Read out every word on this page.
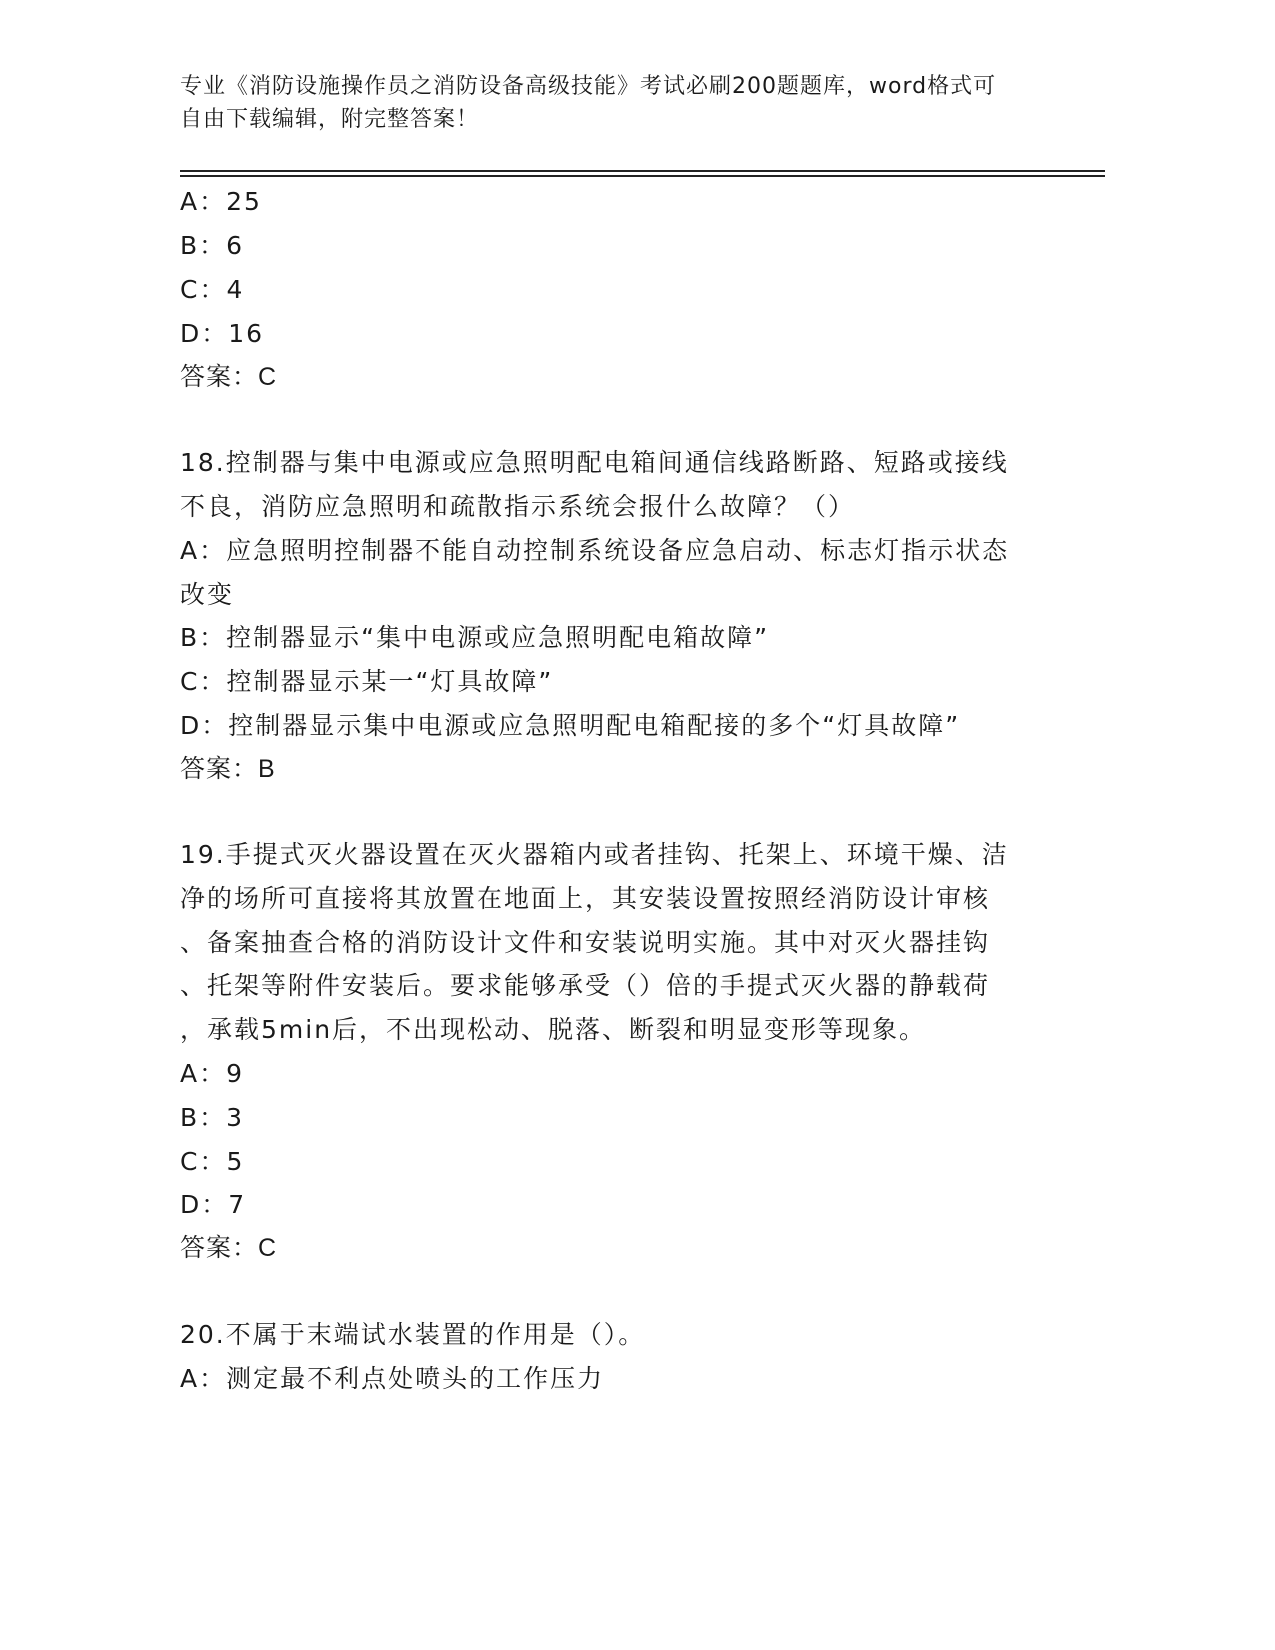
专业《消防设施操作员之消防设备高级技能》考试必刷200题题库，word格式可
自由下载编辑，附完整答案！
A：25
B：6
C：4
D：16
答案：C
18.控制器与集中电源或应急照明配电箱间通信线路断路、短路或接线
不良，消防应急照明和疏散指示系统会报什么故障？（）
A：应急照明控制器不能自动控制系统设备应急启动、标志灯指示状态
改变
B：控制器显示“集中电源或应急照明配电箱故障”
C：控制器显示某一“灯具故障”
D：控制器显示集中电源或应急照明配电箱配接的多个“灯具故障”
答案：B
19.手提式灭火器设置在灭火器箱内或者挂钩、托架上、环境干燥、洁
净的场所可直接将其放置在地面上，其安装设置按照经消防设计审核
、备案抽查合格的消防设计文件和安装说明实施。其中对灭火器挂钩
、托架等附件安装后。要求能够承受（）倍的手提式灭火器的静载荷
，承载5min后，不出现松动、脱落、断裂和明显变形等现象。
A：9
B：3
C：5
D：7
答案：C
20.不属于末端试水装置的作用是（）。
A：测定最不利点处喷头的工作压力
